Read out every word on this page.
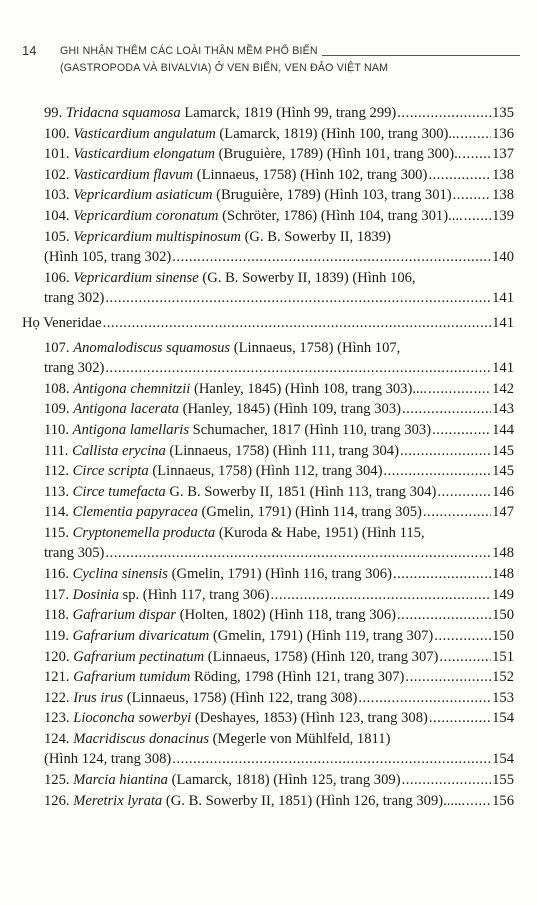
14 GHI NHẬN THÊM CÁC LOÀI THÂN MỀM PHỔ BIẾN
(GASTROPODA VÀ BIVALVIA) Ở VEN BIỂN, VEN ĐẢO VIỆT NAM
99. Tridacna squamosa Lamarck, 1819 (Hình 99, trang 299) .....	135
100. Vasticardium angulatum (Lamarck, 1819) (Hình 100, trang 300)... ..... 136
101. Vasticardium elongatum (Bruguière, 1789) (Hình 101, trang 300).. ..... 137
102. Vasticardium flavum (Linnaeus, 1758) (Hình 102, trang 300) .....	138
103. Vepricardium asiaticum (Bruguière, 1789) (Hình 103, trang 301) .....	138
104. Vepricardium coronatum (Schröter, 1786) (Hình 104, trang 301).... ..... 139
105. Vepricardium multispinosum (G. B. Sowerby II, 1839)
(Hình 105, trang 302) .....	140
106. Vepricardium sinense (G. B. Sowerby II, 1839) (Hình 106,
trang 302) .....	141
Họ Veneridae .....	141
107. Anomalodiscus squamosus (Linnaeus, 1758) (Hình 107,
trang 302) .....	141
108. Antigona chemnitzii (Hanley, 1845) (Hình 108, trang 303).... .....	142
109. Antigona lacerata (Hanley, 1845) (Hình 109, trang 303) .....	143
110. Antigona lamellaris Schumacher, 1817 (Hình 110, trang 303) .....	144
111. Callista erycina (Linnaeus, 1758) (Hình 111, trang 304) .....	145
112. Circe scripta (Linnaeus, 1758) (Hình 112, trang 304) .....	145
113. Circe tumefacta G. B. Sowerby II, 1851 (Hình 113, trang 304) .....	146
114. Clementia papyracea (Gmelin, 1791) (Hình 114, trang 305) .....	147
115. Cryptonemella producta (Kuroda & Habe, 1951) (Hình 115,
trang 305) .....	148
116. Cyclina sinensis (Gmelin, 1791) (Hình 116, trang 306) .....	148
117. Dosinia sp. (Hình 117, trang 306) .....	149
118. Gafrarium dispar (Holten, 1802) (Hình 118, trang 306) .....	150
119. Gafrarium divaricatum (Gmelin, 1791) (Hình 119, trang 307) .....	150
120. Gafrarium pectinatum (Linnaeus, 1758) (Hình 120, trang 307) .....	151
121. Gafrarium tumidum Röding, 1798 (Hình 121, trang 307) .....	152
122. Irus irus (Linnaeus, 1758) (Hình 122, trang 308) .....	153
123. Lioconcha sowerbyi (Deshayes, 1853) (Hình 123, trang 308) .....	154
124. Macridiscus donacinus (Megerle von Mühlfeld, 1811)
(Hình 124, trang 308) .....	154
125. Marcia hiantina (Lamarck, 1818) (Hình 125, trang 309) .....	155
126. Meretrix lyrata (G. B. Sowerby II, 1851) (Hình 126, trang 309)...... ..... 156
